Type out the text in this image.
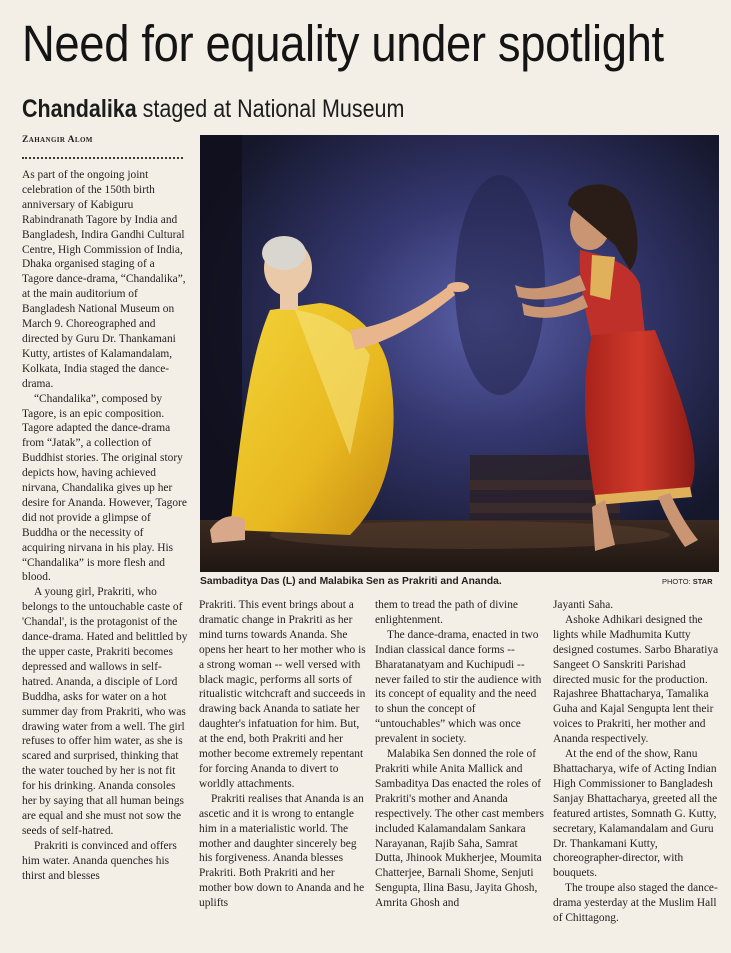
Need for equality under spotlight
Chandalika staged at National Museum
Zahangir Alom

As part of the ongoing joint celebration of the 150th birth anniversary of Kabiguru Rabindranath Tagore by India and Bangladesh, Indira Gandhi Cultural Centre, High Commission of India, Dhaka organised staging of a Tagore dance-drama, “Chandalika”, at the main auditorium of Bangladesh National Museum on March 9. Choreographed and directed by Guru Dr. Thankamani Kutty, artistes of Kalamandalam, Kolkata, India staged the dance-drama.

“Chandalika”, composed by Tagore, is an epic composition. Tagore adapted the dance-drama from “Jatak”, a collection of Buddhist stories. The original story depicts how, having achieved nirvana, Chandalika gives up her desire for Ananda. However, Tagore did not provide a glimpse of Buddha or the necessity of acquiring nirvana in his play. His “Chandalika” is more flesh and blood.

A young girl, Prakriti, who belongs to the untouchable caste of 'Chandal', is the protagonist of the dance-drama. Hated and belittled by the upper caste, Prakriti becomes depressed and wallows in self-hatred. Ananda, a disciple of Lord Buddha, asks for water on a hot summer day from Prakriti, who was drawing water from a well. The girl refuses to offer him water, as she is scared and surprised, thinking that the water touched by her is not fit for his drinking. Ananda consoles her by saying that all human beings are equal and she must not sow the seeds of self-hatred.

Prakriti is convinced and offers him water. Ananda quenches his thirst and blesses

Sambaditya Das (L) and Malabika Sen as Prakriti and Ananda.	PHOTO: STAR

Prakriti. This event brings about a dramatic change in Prakriti as her mind turns towards Ananda. She opens her heart to her mother who is a strong woman -- well versed with black magic, performs all sorts of ritualistic witchcraft and succeeds in drawing back Ananda to satiate her daughter's infatuation for him. But, at the end, both Prakriti and her mother become extremely repentant for forcing Ananda to divert to worldly attachments.

Prakriti realises that Ananda is an ascetic and it is wrong to entangle him in a materialistic world. The mother and daughter sincerely beg his forgiveness. Ananda blesses Prakriti. Both Prakriti and her mother bow down to Ananda and he uplifts

them to tread the path of divine enlightenment.

The dance-drama, enacted in two Indian classical dance forms --Bharatanatyam and Kuchipudi -- never failed to stir the audience with its concept of equality and the need to shun the concept of “untouchables” which was once prevalent in society.

Malabika Sen donned the role of Prakriti while Anita Mallick and Sambaditya Das enacted the roles of Prakriti's mother and Ananda respectively. The other cast members included Kalamandalam Sankara Narayanan, Rajib Saha, Samrat Dutta, Jhinook Mukherjee, Moumita Chatterjee, Barnali Shome, Senjuti Sengupta, Ilina Basu, Jayita Ghosh, Amrita Ghosh and

Jayanti Saha.

Ashoke Adhikari designed the lights while Madhumita Kutty designed costumes. Sarbo Bharatiya Sangeet O Sanskriti Parishad directed music for the production. Rajashree Bhattacharya, Tamalika Guha and Kajal Sengupta lent their voices to Prakriti, her mother and Ananda respectively.

At the end of the show, Ranu Bhattacharya, wife of Acting Indian High Commissioner to Bangladesh Sanjay Bhattacharya, greeted all the featured artistes, Somnath G. Kutty, secretary, Kalamandalam and Guru Dr. Thankamani Kutty, choreographer-director, with bouquets.

The troupe also staged the dance-drama yesterday at the Muslim Hall of Chittagong.
